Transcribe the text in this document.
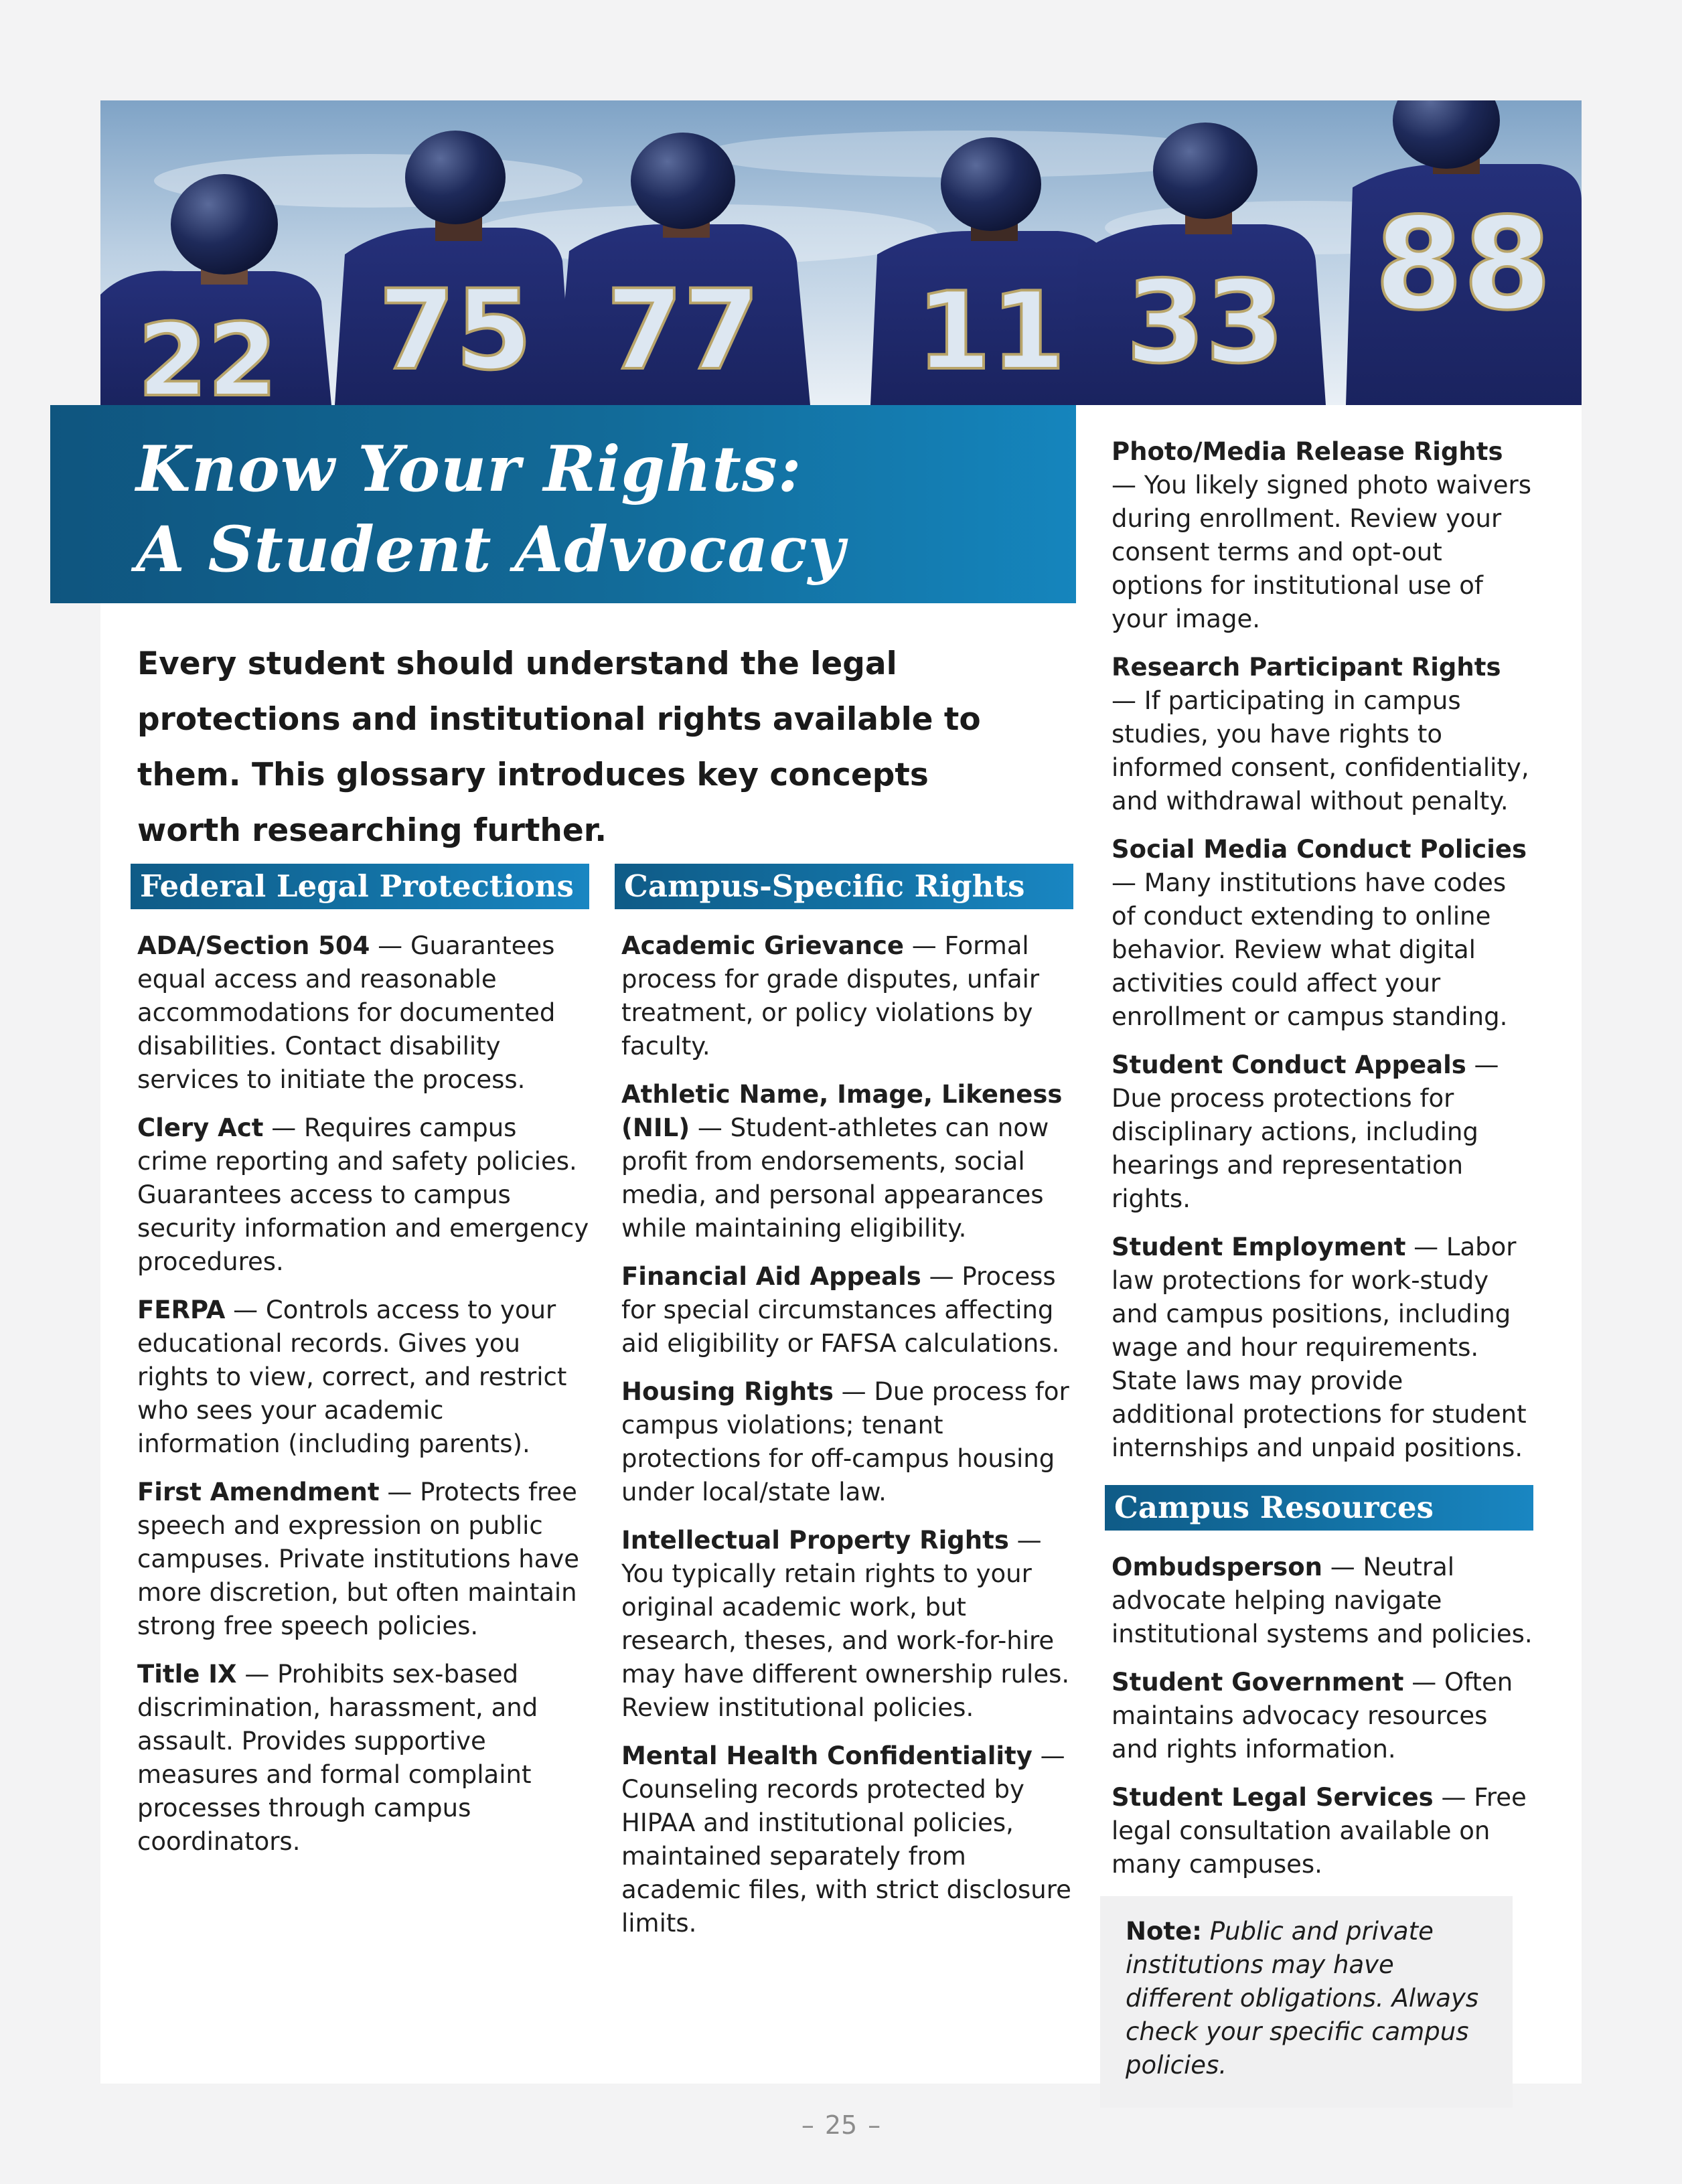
22 75 77 11 33 88
Know Your Rights:
A Student Advocacy Primer

Every student should understand the legal protections and institutional rights available to them. This glossary introduces key concepts worth researching further.

Federal Legal Protections

ADA/Section 504 — Guarantees equal access and reasonable accommodations for documented disabilities. Contact disability services to initiate the process.

Clery Act — Requires campus crime reporting and safety policies. Guarantees access to campus security information and emergency procedures.

FERPA — Controls access to your educational records. Gives you rights to view, correct, and restrict who sees your academic information (including parents).

First Amendment — Protects free speech and expression on public campuses. Private institutions have more discretion, but often maintain strong free speech policies.

Title IX — Prohibits sex-based discrimination, harassment, and assault. Provides supportive measures and formal complaint processes through campus coordinators.

Campus-Specific Rights

Academic Grievance — Formal process for grade disputes, unfair treatment, or policy violations by faculty.

Athletic Name, Image, Likeness (NIL) — Student-athletes can now profit from endorsements, social media, and personal appearances while maintaining eligibility.

Financial Aid Appeals — Process for special circumstances affecting aid eligibility or FAFSA calculations.

Housing Rights — Due process for campus violations; tenant protections for off-campus housing under local/state law.

Intellectual Property Rights — You typically retain rights to your original academic work, but research, theses, and work-for-hire may have different ownership rules. Review institutional policies.

Mental Health Confidentiality — Counseling records protected by HIPAA and institutional policies, maintained separately from academic files, with strict disclosure limits.

Photo/Media Release Rights — You likely signed photo waivers during enrollment. Review your consent terms and opt-out options for institutional use of your image.

Research Participant Rights — If participating in campus studies, you have rights to informed consent, confidentiality, and withdrawal without penalty.

Social Media Conduct Policies — Many institutions have codes of conduct extending to online behavior. Review what digital activities could affect your enrollment or campus standing.

Student Conduct Appeals — Due process protections for disciplinary actions, including hearings and representation rights.

Student Employment — Labor law protections for work-study and campus positions, including wage and hour requirements. State laws may provide additional protections for student internships and unpaid positions.

Campus Resources

Ombudsperson — Neutral advocate helping navigate institutional systems and policies.

Student Government — Often maintains advocacy resources and rights information.

Student Legal Services — Free legal consultation available on many campuses.

Note: Public and private institutions may have different obligations. Always check your specific campus policies.
– 25 –
